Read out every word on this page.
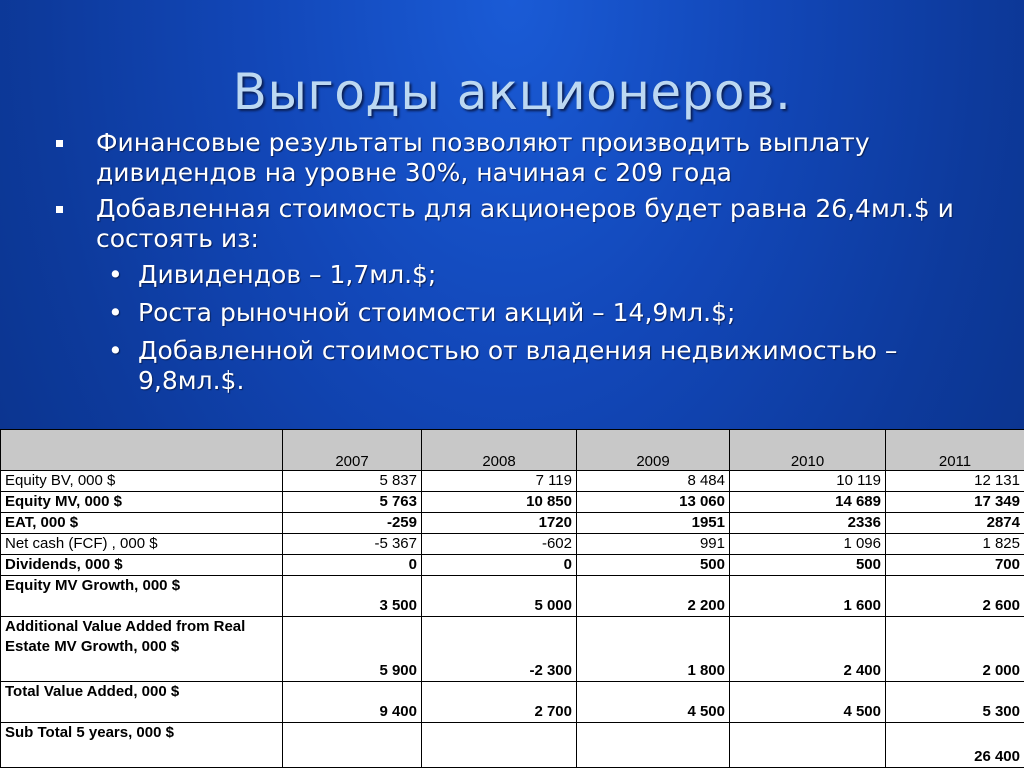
Выгоды акционеров.
Финансовые результаты позволяют производить выплату дивидендов на уровне 30%, начиная с 209 года
Добавленная стоимость для акционеров будет равна 26,4мл.$ и состоять из:
• Дивидендов – 1,7мл.$;
• Роста рыночной стоимости акций – 14,9мл.$;
• Добавленной стоимостью от владения недвижимостью – 9,8мл.$.
	2007	2008	2009	2010	2011
Equity BV, 000 $	5 837	7 119	8 484	10 119	12 131
Equity MV, 000 $	5 763	10 850	13 060	14 689	17 349
EAT, 000 $	-259	1720	1951	2336	2874
Net cash (FCF) , 000 $	-5 367	-602	991	1 096	1 825
Dividends, 000 $	0	0	500	500	700
Equity MV Growth, 000 $	3 500	5 000	2 200	1 600	2 600
Additional Value Added from Real Estate MV Growth, 000 $	5 900	-2 300	1 800	2 400	2 000
Total Value Added, 000 $	9 400	2 700	4 500	4 500	5 300
Sub Total 5 years, 000 $					26 400
